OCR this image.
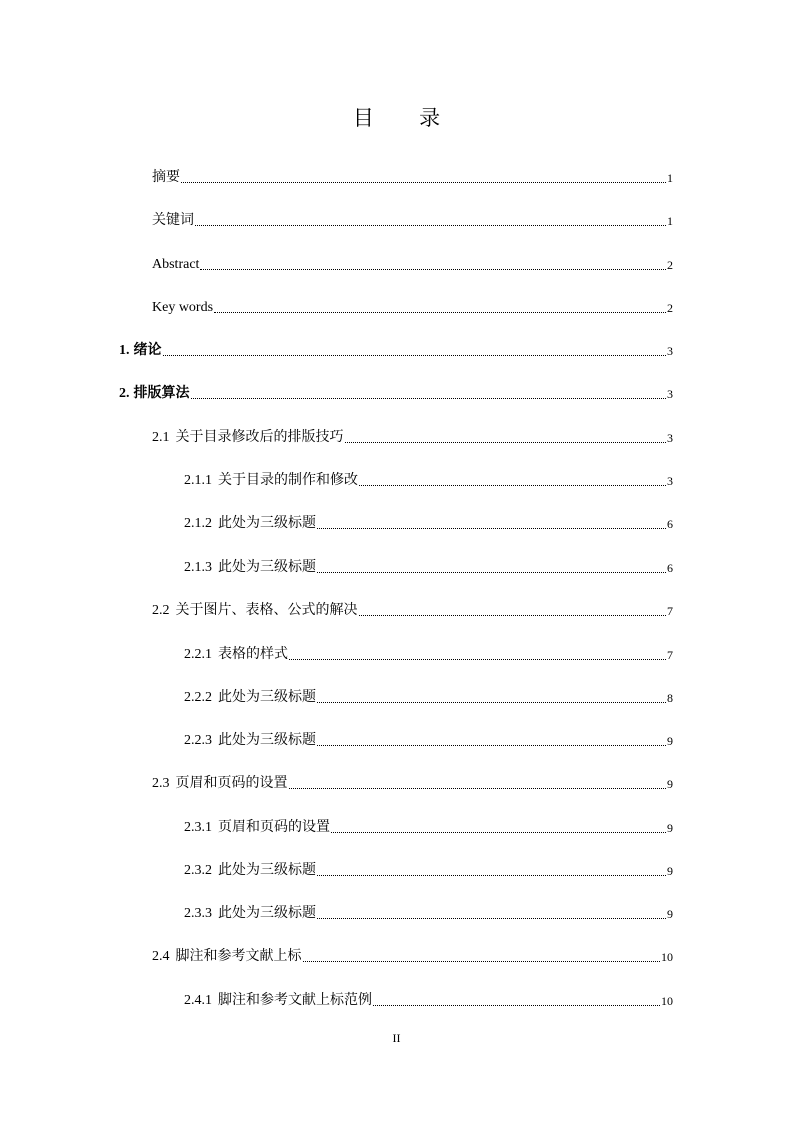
目 录
摘要	1
关键词	1
Abstract	2
Key words	2
1. 绪论	3
2. 排版算法	3
2.1 关于目录修改后的排版技巧	3
2.1.1 关于目录的制作和修改	3
2.1.2 此处为三级标题	6
2.1.3 此处为三级标题	6
2.2 关于图片、表格、公式的解决	7
2.2.1 表格的样式	7
2.2.2 此处为三级标题	8
2.2.3 此处为三级标题	9
2.3 页眉和页码的设置	9
2.3.1 页眉和页码的设置	9
2.3.2 此处为三级标题	9
2.3.3 此处为三级标题	9
2.4 脚注和参考文献上标	10
2.4.1 脚注和参考文献上标范例	10
II
